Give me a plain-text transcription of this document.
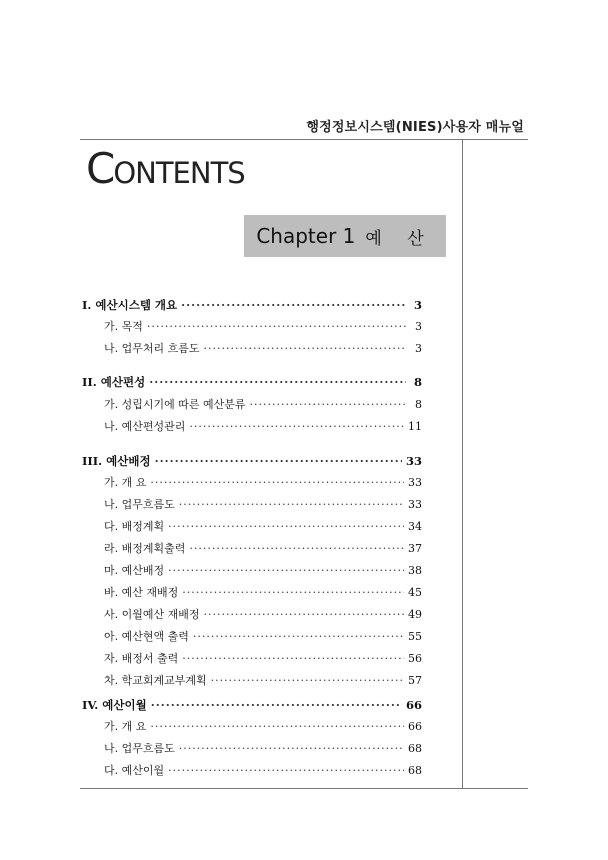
행정정보시스템(NIES)사용자 매뉴얼
CONTENTS
Chapter 1 예 산
I. 예산시스템 개요 ·····	3
가. 목적 ·····	3
나. 업무처리 흐름도 ·····	3
II. 예산편성 ·····	8
가. 성립시기에 따른 예산분류 ·····	8
나. 예산편성관리 ·····	11
III. 예산배정 ·····	33
가. 개 요 ·····	33
나. 업무흐름도 ·····	33
다. 배정계획 ·····	34
라. 배정계획출력 ·····	37
마. 예산배정 ·····	38
바. 예산 재배정 ·····	45
사. 이월예산 재배정 ·····	49
아. 예산현액 출력 ·····	55
자. 배정서 출력 ·····	56
차. 학교회계교부계획 ·····	57
IV. 예산이월 ·····	66
가. 개 요 ·····	66
나. 업무흐름도 ·····	68
다. 예산이월 ·····	68
